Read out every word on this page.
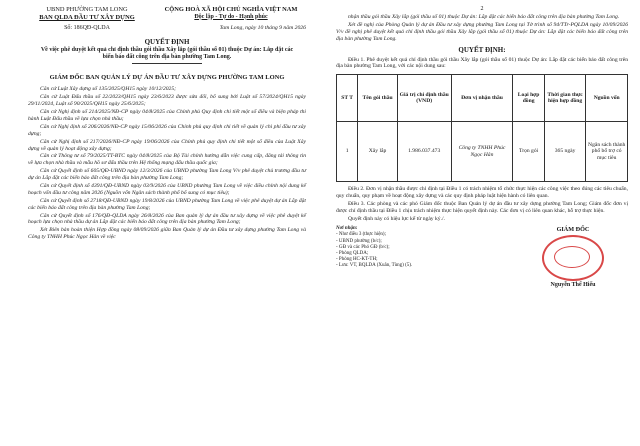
UBND PHƯỜNG TAM LONG
BAN QLDA ĐẦU TƯ XÂY DỰNG
CỘNG HOÀ XÃ HỘI CHỦ NGHĨA VIỆT NAM
Độc lập - Tự do - Hạnh phúc
Số: 186QĐ-QLDA	Tam Long, ngày 10 tháng 9 năm 2026
QUYẾT ĐỊNH
Về việc phê duyệt kết quả chỉ định thầu gói thầu Xây lắp (gói thầu số 01) thuộc Dự án: Lắp đặt các biển báo đất công trên địa bàn phường Tam Long.
GIÁM ĐỐC BAN QUẢN LÝ DỰ ÁN ĐẦU TƯ XÂY DỰNG PHƯỜNG TAM LONG
Căn cứ Luật Xây dựng số 135/2025/QH15 ngày 10/12/2025;
Căn cứ Luật Đấu thầu số 22/2023/QH15 ngày 23/6/2023 được sửa đổi, bổ sung bởi Luật số 57/2024/QH15 ngày 29/11/2024, Luật số 90/2025/QH15 ngày 25/6/2025;
Căn cứ Nghị định số 214/2025/NĐ-CP ngày 04/8/2025 của Chính phủ Quy định chi tiết một số điều và biện pháp thi hành Luật Đấu thầu về lựa chọn nhà thầu;
Căn cứ Nghị định số 206/2026/NĐ-CP ngày 15/06/2026 của Chính phủ quy định chi tiết về quản lý chi phí đầu tư xây dựng;
Căn cứ Nghị định số 217/2026/NĐ-CP ngày 19/06/2026 của Chính phủ quy định chi tiết một số điều của Luật Xây dựng về quản lý hoạt động xây dựng;
Căn cứ Thông tư số 79/2025/TT-BTC ngày 04/8/2025 của Bộ Tài chính hướng dẫn việc cung cấp, đăng tải thông tin về lựa chọn nhà thầu và mẫu hồ sơ đấu thầu trên Hệ thống mạng đấu thầu quốc gia;
Căn cứ Quyết định số 605/QĐ-UBND ngày 12/3/2026 của UBND phường Tam Long V/v phê duyệt chủ trương đầu tư dự án Lắp đặt các biển báo đất công trên địa bàn phường Tam Long;
Căn cứ Quyết định số 4391/QĐ-UBND ngày 03/9/2026 của UBND phường Tam Long về việc điều chỉnh nội dung kế hoạch vốn đầu tư công năm 2026 (Nguồn vốn Ngân sách thành phố bổ sung có mục tiêu);
Căn cứ Quyết định số 2718/QĐ-UBND ngày 19/8/2026 của UBND phường Tam Long về việc phê duyệt dự án Lắp đặt các biển báo đất công trên địa bàn phường Tam Long;
Căn cứ Quyết định số 176/QĐ-QLDA ngày 26/8/2026 của Ban quản lý dự án đầu tư xây dựng về việc phê duyệt kế hoạch lựa chọn nhà thầu dự án Lắp đặt các biển báo đất công trên địa bàn phường Tam Long;
Xét Biên bản hoàn thiện Hợp đồng ngày 08/09/2026 giữa Ban Quản lý dự án Đầu tư xây dựng phường Tam Long và Công ty TNHH Phúc Ngọc Hân về việc
2
nhận thầu gói thầu Xây lắp (gói thầu số 01) thuộc Dự án: Lắp đặt các biển báo đất công trên địa bàn phường Tam Long.
Xét đề nghị của Phòng Quản lý dự án Đầu tư xây dựng phường Tam Long tại Tờ trình số 94/TTr-PQLDA ngày 10/09/2026 V/v đề nghị phê duyệt kết quả chỉ định thầu gói thầu Xây lắp (gói thầu số 01) thuộc Dự án: Lắp đặt các biển báo đất công trên địa bàn phường Tam Long.
QUYẾT ĐỊNH:
Điều 1. Phê duyệt kết quả chỉ định thầu gói thầu Xây lắp (gói thầu số 01) thuộc Dự án: Lắp đặt các biển báo đất công trên địa bàn phường Tam Long, với các nội dung sau:
ST T	Tên gói thầu	Giá trị chỉ định thầu (VND)	Đơn vị nhận thầu	Loại hợp đồng	Thời gian thực hiện hợp đồng	Nguồn vốn
1	Xây lắp	1.986.037.473	Công ty TNHH Phúc Ngọc Hân	Trọn gói	365 ngày	Ngân sách thành phố bổ trợ có mục tiêu
Điều 2. Đơn vị nhận thầu được chỉ định tại Điều 1 có trách nhiệm tổ chức thực hiện các công việc theo đúng các tiêu chuẩn, quy chuẩn, quy phạm về hoạt động xây dựng và các quy định pháp luật hiện hành có liên quan.
Điều 3. Các phòng và các phó Giám đốc thuộc Ban Quản lý dự án đầu tư xây dựng phường Tam Long; Giám đốc đơn vị được chỉ định thầu tại Điều 1 chịu trách nhiệm thực hiện quyết định này. Các đơn vị có liên quan khác, hỗ trợ thực hiện.
Quyết định này có hiệu lực kể từ ngày ký./.
Nơi nhận:
- Như điều 3 (thực hiện);
- UBND phường (b/c);
- GĐ và các Phó GĐ (b/c);
- Phòng QLDA;
- Phòng HC-KT-TH;
- Lưu: VT, BQLDA (Xuân, Tùng) (5).
GIÁM ĐỐC
Nguyễn Thế Hiếu
